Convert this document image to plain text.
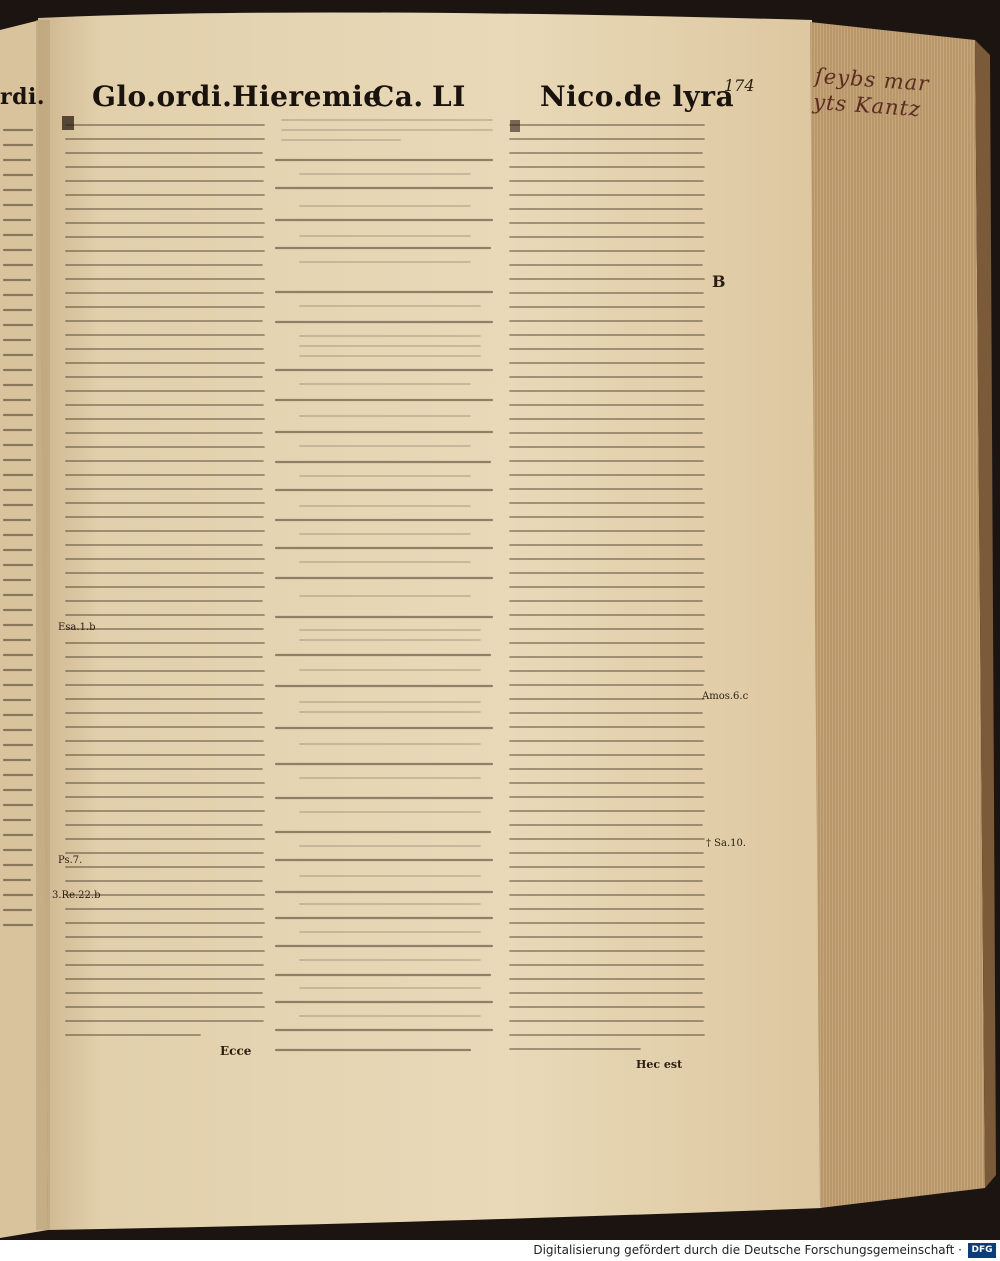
Glo.ordi. Hieremie
Ca. LI	Nico.de lyra
174
rdi.
Esa.1.b
Ps.7.
3.Re.22.b
B
Amos.6.c
† Sa.10.
Ecce
Hec est
ſeybs mar yts Kantz
Digitalisierung gefördert durch die Deutsche Forschungsgemeinschaft ·	DFG
